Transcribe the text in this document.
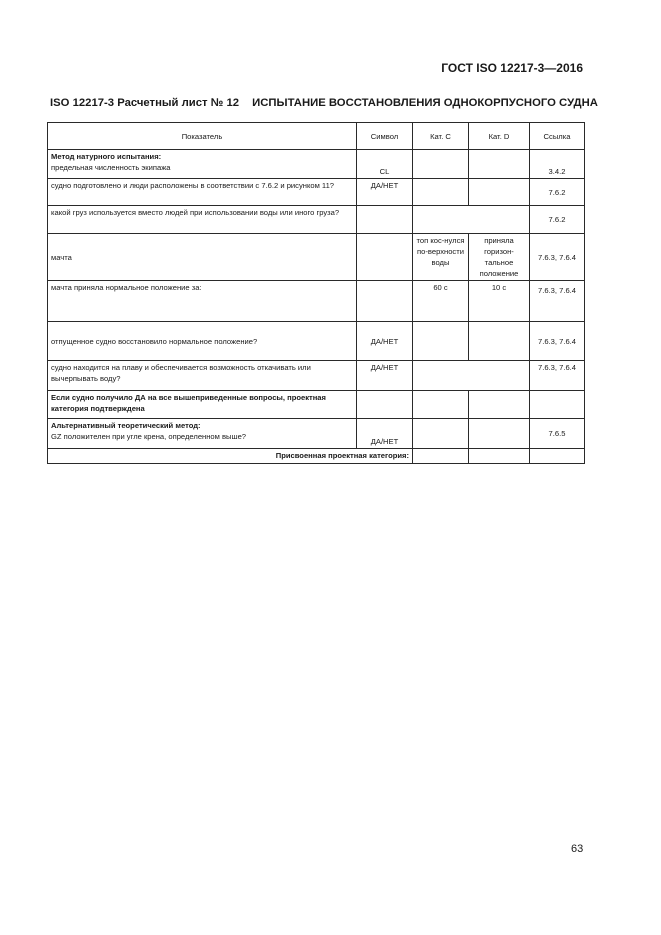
ГОСТ ISO 12217-3—2016
ISO 12217-3 Расчетный лист № 12 ИСПЫТАНИЕ ВОССТАНОВЛЕНИЯ ОДНОКОРПУСНОГО СУДНА
Показатель	Символ	Кат. С	Кат. D	Ссылка

Метод натурного испытания:
предельная численность экипажа	CL			3.4.2
судно подготовлено и люди расположены в соответствии с 7.6.2 и рисунком 11?	ДА/НЕТ			7.6.2
какой груз используется вместо людей при использовании воды или иного груза?				7.6.2
мачта		топ кос-нулся по-верхности воды	приняла горизон-тальное положение	7.6.3, 7.6.4
мачта приняла нормальное положение за:		60 с	10 с	7.6.3, 7.6.4
отпущенное судно восстановило нормальное положение?	ДА/НЕТ			7.6.3, 7.6.4
судно находится на плаву и обеспечивается возможность откачивать или вычерпывать воду?	ДА/НЕТ			7.6.3, 7.6.4
Если судно получило ДА на все вышеприведенные вопросы, проектная категория подтверждена				

Альтернативный теоретический метод:
GZ положителен при угле крена, определенном выше?	ДА/НЕТ			7.6.5
Присвоенная проектная категория:				
63
